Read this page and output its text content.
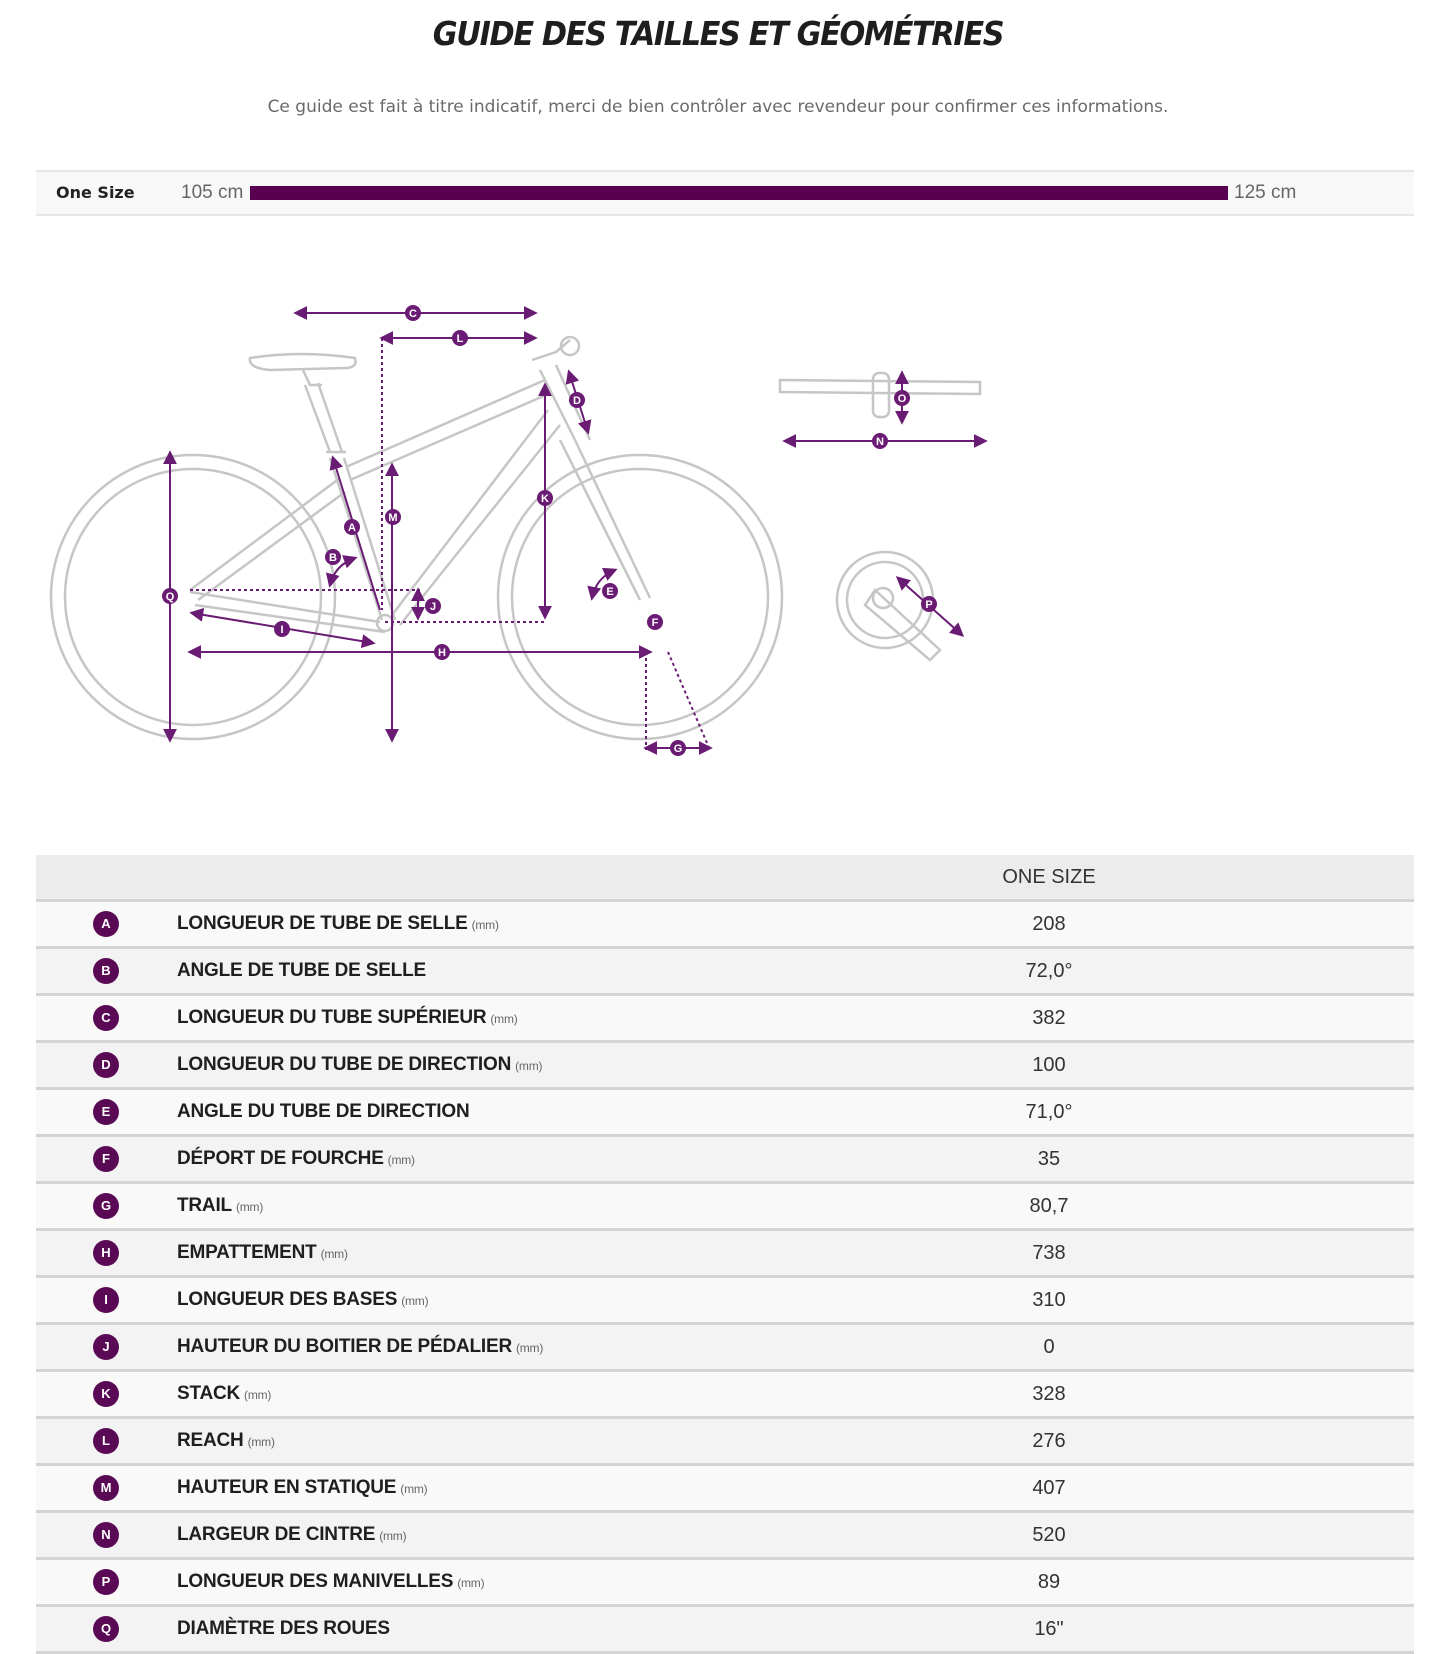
GUIDE DES TAILLES ET GÉOMÉTRIES
Ce guide est fait à titre indicatif, merci de bien contrôler avec revendeur pour confirmer ces informations.
One Size 105 cm	125 cm
C
L
D
K
M
A
B
Q
J
E
F
I
H
G
O
N
P
		ONE SIZE	
A	LONGUEUR DE TUBE DE SELLE (mm)	208	
B	ANGLE DE TUBE DE SELLE	72,0°	
C	LONGUEUR DU TUBE SUPÉRIEUR (mm)	382	
D	LONGUEUR DU TUBE DE DIRECTION (mm)	100	
E	ANGLE DU TUBE DE DIRECTION	71,0°	
F	DÉPORT DE FOURCHE (mm)	35	
G	TRAIL (mm)	80,7	
H	EMPATTEMENT (mm)	738	
I	LONGUEUR DES BASES (mm)	310	
J	HAUTEUR DU BOITIER DE PÉDALIER (mm)	0	
K	STACK (mm)	328	
L	REACH (mm)	276	
M	HAUTEUR EN STATIQUE (mm)	407	
N	LARGEUR DE CINTRE (mm)	520	
P	LONGUEUR DES MANIVELLES (mm)	89	
Q	DIAMÈTRE DES ROUES	16"	
